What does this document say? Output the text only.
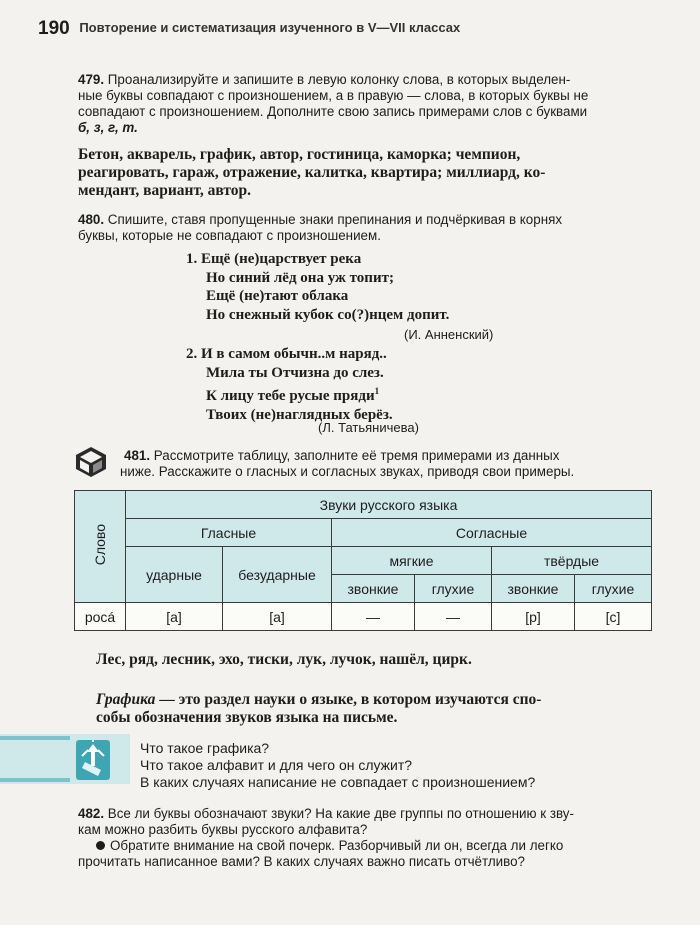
190 Повторение и систематизация изученного в V—VII классах
479. Проанализируйте и запишите в левую колонку слова, в которых выделен-
ные буквы совпадают с произношением, а в правую — слова, в которых буквы не
совпадают с произношением. Дополните свою запись примерами слов с буквами
б, з, г, т.
Бетон, акварель, график, автор, гостиница, каморка; чемпион,
реагировать, гараж, отражение, калитка, квартира; миллиард, ко-
мендант, вариант, автор.
480. Спишите, ставя пропущенные знаки препинания и подчёркивая в корнях
буквы, которые не совпадают с произношением.
1. Ещё (не)царствует река
Но синий лёд она уж топит;
Ещё (не)тают облака
Но снежный кубок со(?)нцем допит.
(И. Анненский)
2. И в самом обычн..м наряд..
Мила ты Отчизна до слез.
К лицу тебе русые пряди$^1$
Твоих (не)наглядных берёз.
(Л. Татьяничева)
481. Рассмотрите таблицу, заполните её тремя примерами из данных
ниже. Расскажите о гласных и согласных звуках, приводя свои примеры.
Слово	Звуки русского языка					
	Гласные		Согласные			
	ударные	безударные	мягкие		твёрдые	
			звонкие	глухие	звонкие	глухие
росá	[а]	[а]	—	—	[р]	[с]
Лес, ряд, лесник, эхо, тиски, лук, лучок, нашёл, цирк.
Графика — это раздел науки о языке, в котором изучаются спо-
собы обозначения звуков языка на письме.
Что такое графика?
Что такое алфавит и для чего он служит?
В каких случаях написание не совпадает с произношением?
482. Все ли буквы обозначают звуки? На какие две группы по отношению к зву-
кам можно разбить буквы русского алфавита?
Обратите внимание на свой почерк. Разборчивый ли он, всегда ли легко
прочитать написанное вами? В каких случаях важно писать отчётливо?
